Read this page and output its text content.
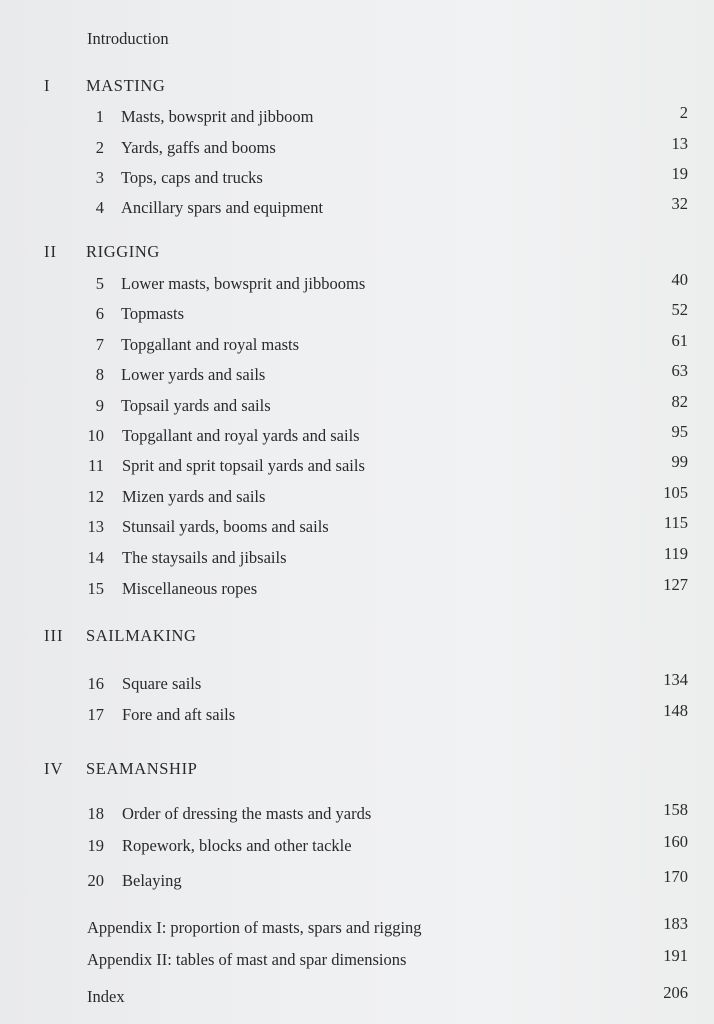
Introduction
I MASTING
1 Masts, bowsprit and jibboom	2
2 Yards, gaffs and booms	13
3 Tops, caps and trucks	19
4 Ancillary spars and equipment	32
II RIGGING
5 Lower masts, bowsprit and jibbooms	40
6 Topmasts	52
7 Topgallant and royal masts	61
8 Lower yards and sails	63
9 Topsail yards and sails	82
10 Topgallant and royal yards and sails	95
11 Sprit and sprit topsail yards and sails	99
12 Mizen yards and sails	105
13 Stunsail yards, booms and sails	115
14 The staysails and jibsails	119
15 Miscellaneous ropes	127
III SAILMAKING
16 Square sails	134
17 Fore and aft sails	148
IV SEAMANSHIP
18 Order of dressing the masts and yards	158
19 Ropework, blocks and other tackle	160
20 Belaying	170
Appendix I: proportion of masts, spars and rigging	183
Appendix II: tables of mast and spar dimensions	191
Index	206
